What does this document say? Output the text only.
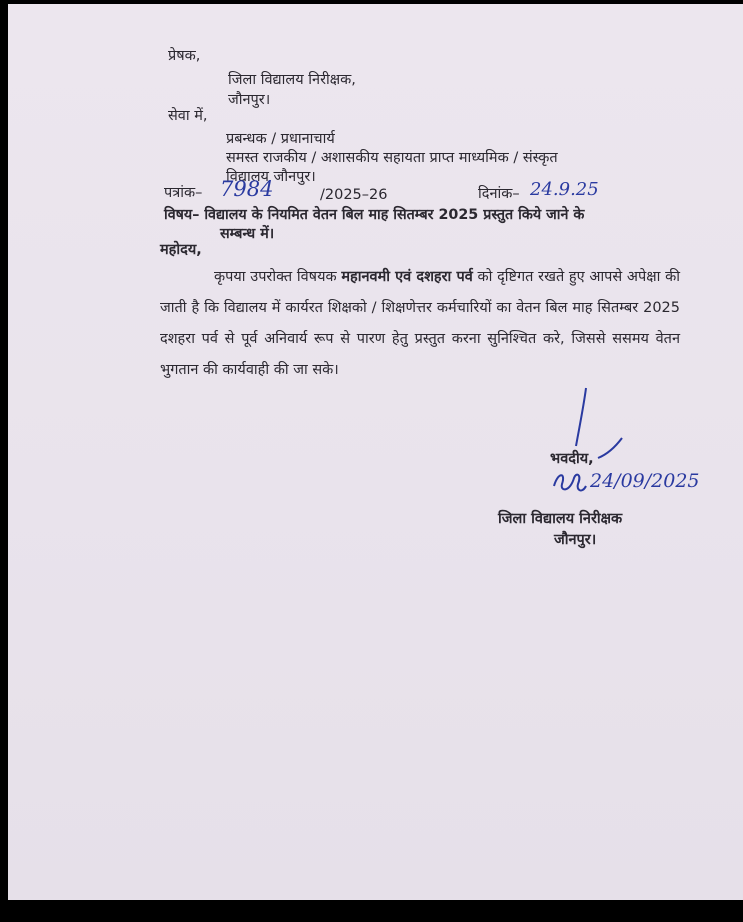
प्रेषक,
जिला विद्यालय निरीक्षक,
जौनपुर।
सेवा में,
प्रबन्धक / प्रधानाचार्य
समस्त राजकीय / अशासकीय सहायता प्राप्त माध्यमिक / संस्कृत
विद्यालय जौनपुर।
पत्रांक– 7984	/2025–26	दिनांक– 24.9.25
विषय– विद्यालय के नियमित वेतन बिल माह सितम्बर 2025 प्रस्तुत किये जाने के
सम्बन्ध में।
महोदय,

कृपया उपरोक्त विषयक महानवमी एवं दशहरा पर्व को दृष्टिगत रखते हुए आपसे अपेक्षा की जाती है कि विद्यालय में कार्यरत शिक्षको / शिक्षणेत्तर कर्मचारियों का वेतन बिल माह सितम्बर 2025 दशहरा पर्व से पूर्व अनिवार्य रूप से पारण हेतु प्रस्तुत करना सुनिश्चित करे, जिससे ससमय वेतन भुगतान की कार्यवाही की जा सके।

भवदीय,
24/09/2025
जिला विद्यालय निरीक्षक
जौनपुर।
